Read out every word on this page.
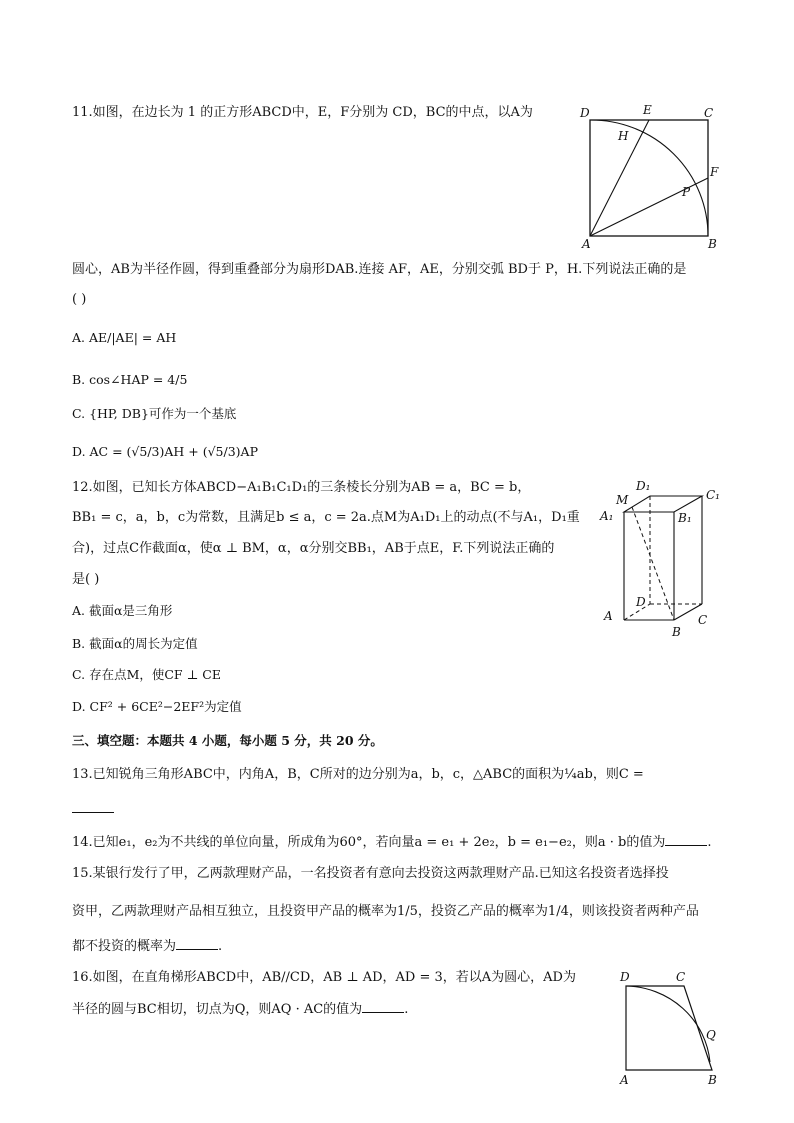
11.如图，在边长为 1 的正方形ABCD中，E，F分别为 CD，BC的中点，以A为	D	E	C
H
F
P
A	B
圆心，AB为半径作圆，得到重叠部分为扇形DAB.连接 AF，AE，分别交弧 BD于 P，H.下列说法正确的是
( )
A. AE/|AE| = AH
B. cos∠HAP = 4/5
C. {HP, DB}可作为一个基底
D. AC = (√5/3)AH + (√5/3)AP
12.如图，已知长方体ABCD−A₁B₁C₁D₁的三条棱长分别为AB = a，BC = b，
BB₁ = c，a，b，c为常数，且满足b ≤ a，c = 2a.点M为A₁D₁上的动点(不与A₁，D₁重
合)，过点C作截面α，使α ⊥ BM，α，α分别交BB₁，AB于点E，F.下列说法正确的
是( )
D₁
C₁
M
A₁	B₁
D
A
B
C
A. 截面α是三角形
B. 截面α的周长为定值
C. 存在点M，使CF ⊥ CE
D. CF² + 6CE²−2EF²为定值
三、填空题：本题共 4 小题，每小题 5 分，共 20 分。
13.已知锐角三角形ABC中，内角A，B，C所对的边分别为a，b，c，△ABC的面积为¼ab，则C =
14.已知e₁，e₂为不共线的单位向量，所成角为60°，若向量a = e₁ + 2e₂，b = e₁−e₂，则a · b的值为	.
15.某银行发行了甲，乙两款理财产品，一名投资者有意向去投资这两款理财产品.已知这名投资者选择投
资甲，乙两款理财产品相互独立，且投资甲产品的概率为1/5，投资乙产品的概率为1/4，则该投资者两种产品
都不投资的概率为	.
16.如图，在直角梯形ABCD中，AB//CD，AB ⊥ AD，AD = 3，若以A为圆心，AD为
半径的圆与BC相切，切点为Q，则AQ · AC的值为	.
D	C
Q
A	B
